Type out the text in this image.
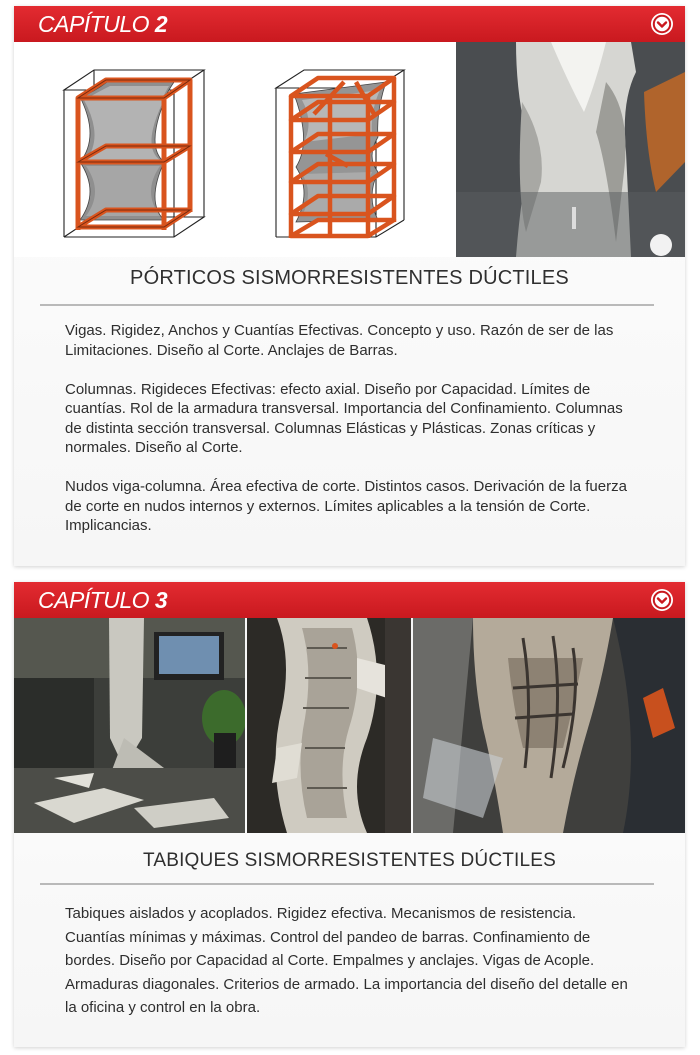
CAPÍTULO 2
PÓRTICOS SISMORRESISTENTES DÚCTILES

Vigas. Rigidez, Anchos y Cuantías Efectivas. Concepto y uso. Razón de ser de las Limitaciones. Diseño al Corte. Anclajes de Barras.

Columnas. Rigideces Efectivas: efecto axial. Diseño por Capacidad. Límites de cuantías. Rol de la armadura transversal. Importancia del Confinamiento. Columnas de distinta sección transversal. Columnas Elásticas y Plásticas. Zonas críticas y normales. Diseño al Corte.

Nudos viga-columna. Área efectiva de corte. Distintos casos. Derivación de la fuerza de corte en nudos internos y externos. Límites aplicables a la tensión de Corte. Implicancias.

CAPÍTULO 3
TABIQUES SISMORRESISTENTES DÚCTILES

Tabiques aislados y acoplados. Rigidez efectiva. Mecanismos de resistencia. Cuantías mínimas y máximas. Control del pandeo de barras. Confinamiento de bordes. Diseño por Capacidad al Corte. Empalmes y anclajes. Vigas de Acople. Armaduras diagonales. Criterios de armado. La importancia del diseño del detalle en la oficina y control en la obra.
